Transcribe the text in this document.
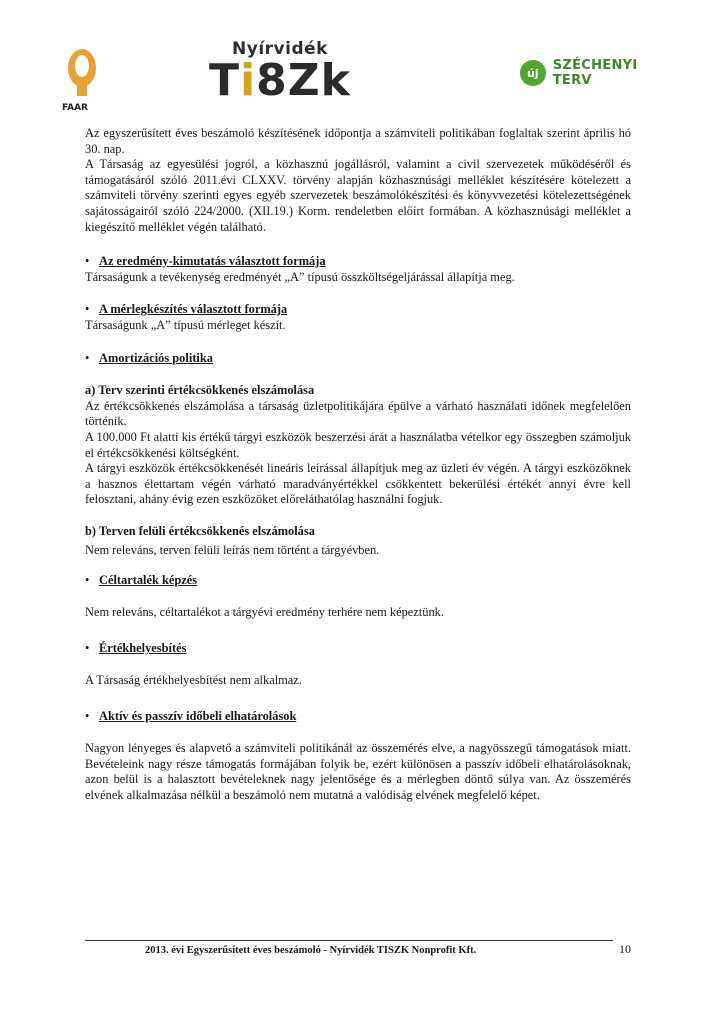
FAAR
Nyírvidék
Ti8Zk	új	SZÉCHENYI TERV

Az egyszerűsített éves beszámoló készítésének időpontja a számviteli politikában foglaltak szerint április hó 30. nap.

A Társaság az egyesülési jogról, a közhasznú jogállásról, valamint a civil szervezetek működéséről és támogatásáról szóló 2011.évi CLXXV. törvény alapján közhasznúsági melléklet készítésére kötelezett a számviteli törvény szerinti egyes egyéb szervezetek beszámolókészítési és könyvvezetési kötelezettségének sajátosságairól szóló 224/2000. (XII.19.) Korm. rendeletben előírt formában. A közhasznúsági melléklet a kiegészítő melléklet végén található.

• Az eredmény-kimutatás választott formája

Társaságunk a tevékenység eredményét „A” típusú összköltségeljárással állapítja meg.

• A mérlegkészítés választott formája

Társaságunk „A” típusú mérleget készít.

• Amortizációs politika

a) Terv szerinti értékcsökkenés elszámolása

Az értékcsökkenés elszámolása a társaság üzletpolitikájára épülve a várható használati időnek megfelelően történik.

A 100.000 Ft alatti kis értékű tárgyi eszközök beszerzési árát a használatba vételkor egy összegben számoljuk el értékcsökkenési költségként.

A tárgyi eszközök értékcsökkenését lineáris leírással állapítjuk meg az üzleti év végén. A tárgyi eszközöknek a hasznos élettartam végén várható maradványértékkel csökkentett bekerülési értékét annyi évre kell felosztani, ahány évig ezen eszközöket előreláthatólag használni fogjuk.

b) Terven felüli értékcsökkenés elszámolása

Nem releváns, terven felüli leírás nem történt a tárgyévben.

• Céltartalék képzés

Nem releváns, céltartalékot a tárgyévi eredmény terhére nem képeztünk.

• Értékhelyesbítés

A Társaság értékhelyesbítést nem alkalmaz.

• Aktív és passzív időbeli elhatárolások

Nagyon lényeges és alapvető a számviteli politikánál az összemérés elve, a nagyösszegű támogatások miatt. Bevételeink nagy része támogatás formájában folyik be, ezért különösen a passzív időbeli elhatárolásoknak, azon belül is a halasztott bevételeknek nagy jelentősége és a mérlegben döntő súlya van. Az összemérés elvének alkalmazása nélkül a beszámoló nem mutatná a valódiság elvének megfelelő képet.

2013. évi Egyszerűsített éves beszámoló - Nyírvidék TISZK Nonprofit Kft.	10
